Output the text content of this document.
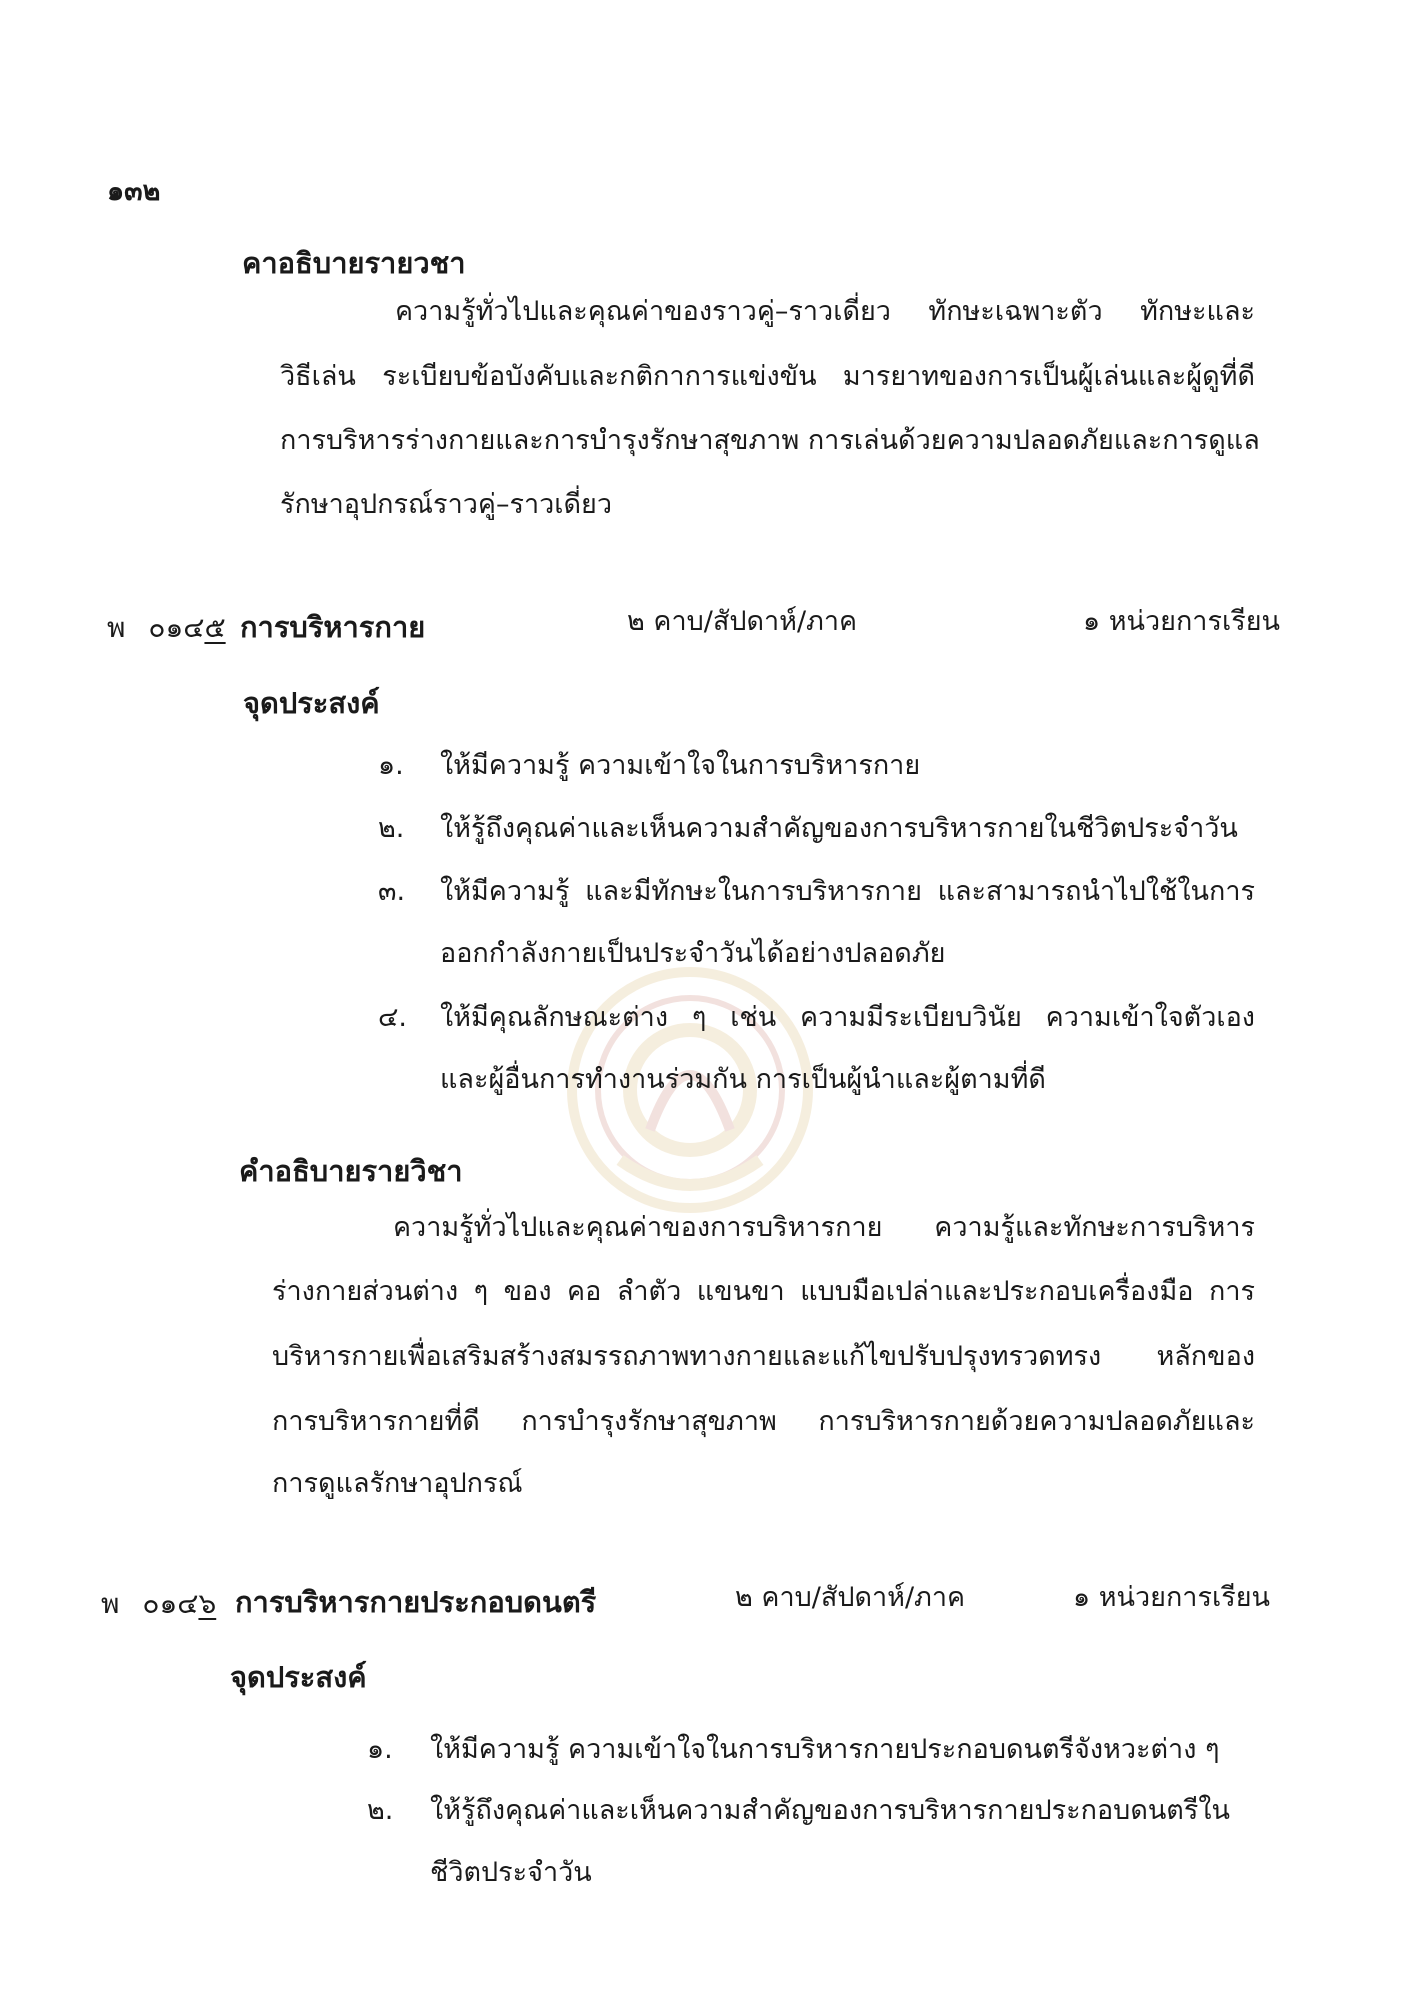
๑๓๒
คาอธิบายรายวชา
ความรู้ทั่วไปและคุณค่าของราวคู่–ราวเดี่ยว ทักษะเฉพาะตัว ทักษะและ
วิธีเล่น ระเบียบข้อบังคับและกติกาการแข่งขัน มารยาทของการเป็นผู้เล่นและผู้ดูที่ดี
การบริหารร่างกายและการบำรุงรักษาสุขภาพ การเล่นด้วยความปลอดภัยและการดูแล
รักษาอุปกรณ์ราวคู่–ราวเดี่ยว
พ ๐๑๔๕ การบริหารกาย	๒ คาบ/สัปดาห์/ภาค	๑ หน่วยการเรียน
จุดประสงค์
๑. ให้มีความรู้ ความเข้าใจในการบริหารกาย
๒. ให้รู้ถึงคุณค่าและเห็นความสำคัญของการบริหารกายในชีวิตประจำวัน
๓. ให้มีความรู้ และมีทักษะในการบริหารกาย และสามารถนำไปใช้ในการ
ออกกำลังกายเป็นประจำวันได้อย่างปลอดภัย
๔. ให้มีคุณลักษณะต่าง ๆ เช่น ความมีระเบียบวินัย ความเข้าใจตัวเอง
และผู้อื่นการทำงานร่วมกัน การเป็นผู้นำและผู้ตามที่ดี
คำอธิบายรายวิชา
ความรู้ทั่วไปและคุณค่าของการบริหารกาย ความรู้และทักษะการบริหาร
ร่างกายส่วนต่าง ๆ ของ คอ ลำตัว แขนขา แบบมือเปล่าและประกอบเครื่องมือ การ
บริหารกายเพื่อเสริมสร้างสมรรถภาพทางกายและแก้ไขปรับปรุงทรวดทรง หลักของ
การบริหารกายที่ดี การบำรุงรักษาสุขภาพ การบริหารกายด้วยความปลอดภัยและ
การดูแลรักษาอุปกรณ์
พ ๐๑๔๖ การบริหารกายประกอบดนตรี	๒ คาบ/สัปดาห์/ภาค	๑ หน่วยการเรียน
จุดประสงค์
๑. ให้มีความรู้ ความเข้าใจในการบริหารกายประกอบดนตรีจังหวะต่าง ๆ
๒. ให้รู้ถึงคุณค่าและเห็นความสำคัญของการบริหารกายประกอบดนตรีใน
ชีวิตประจำวัน
